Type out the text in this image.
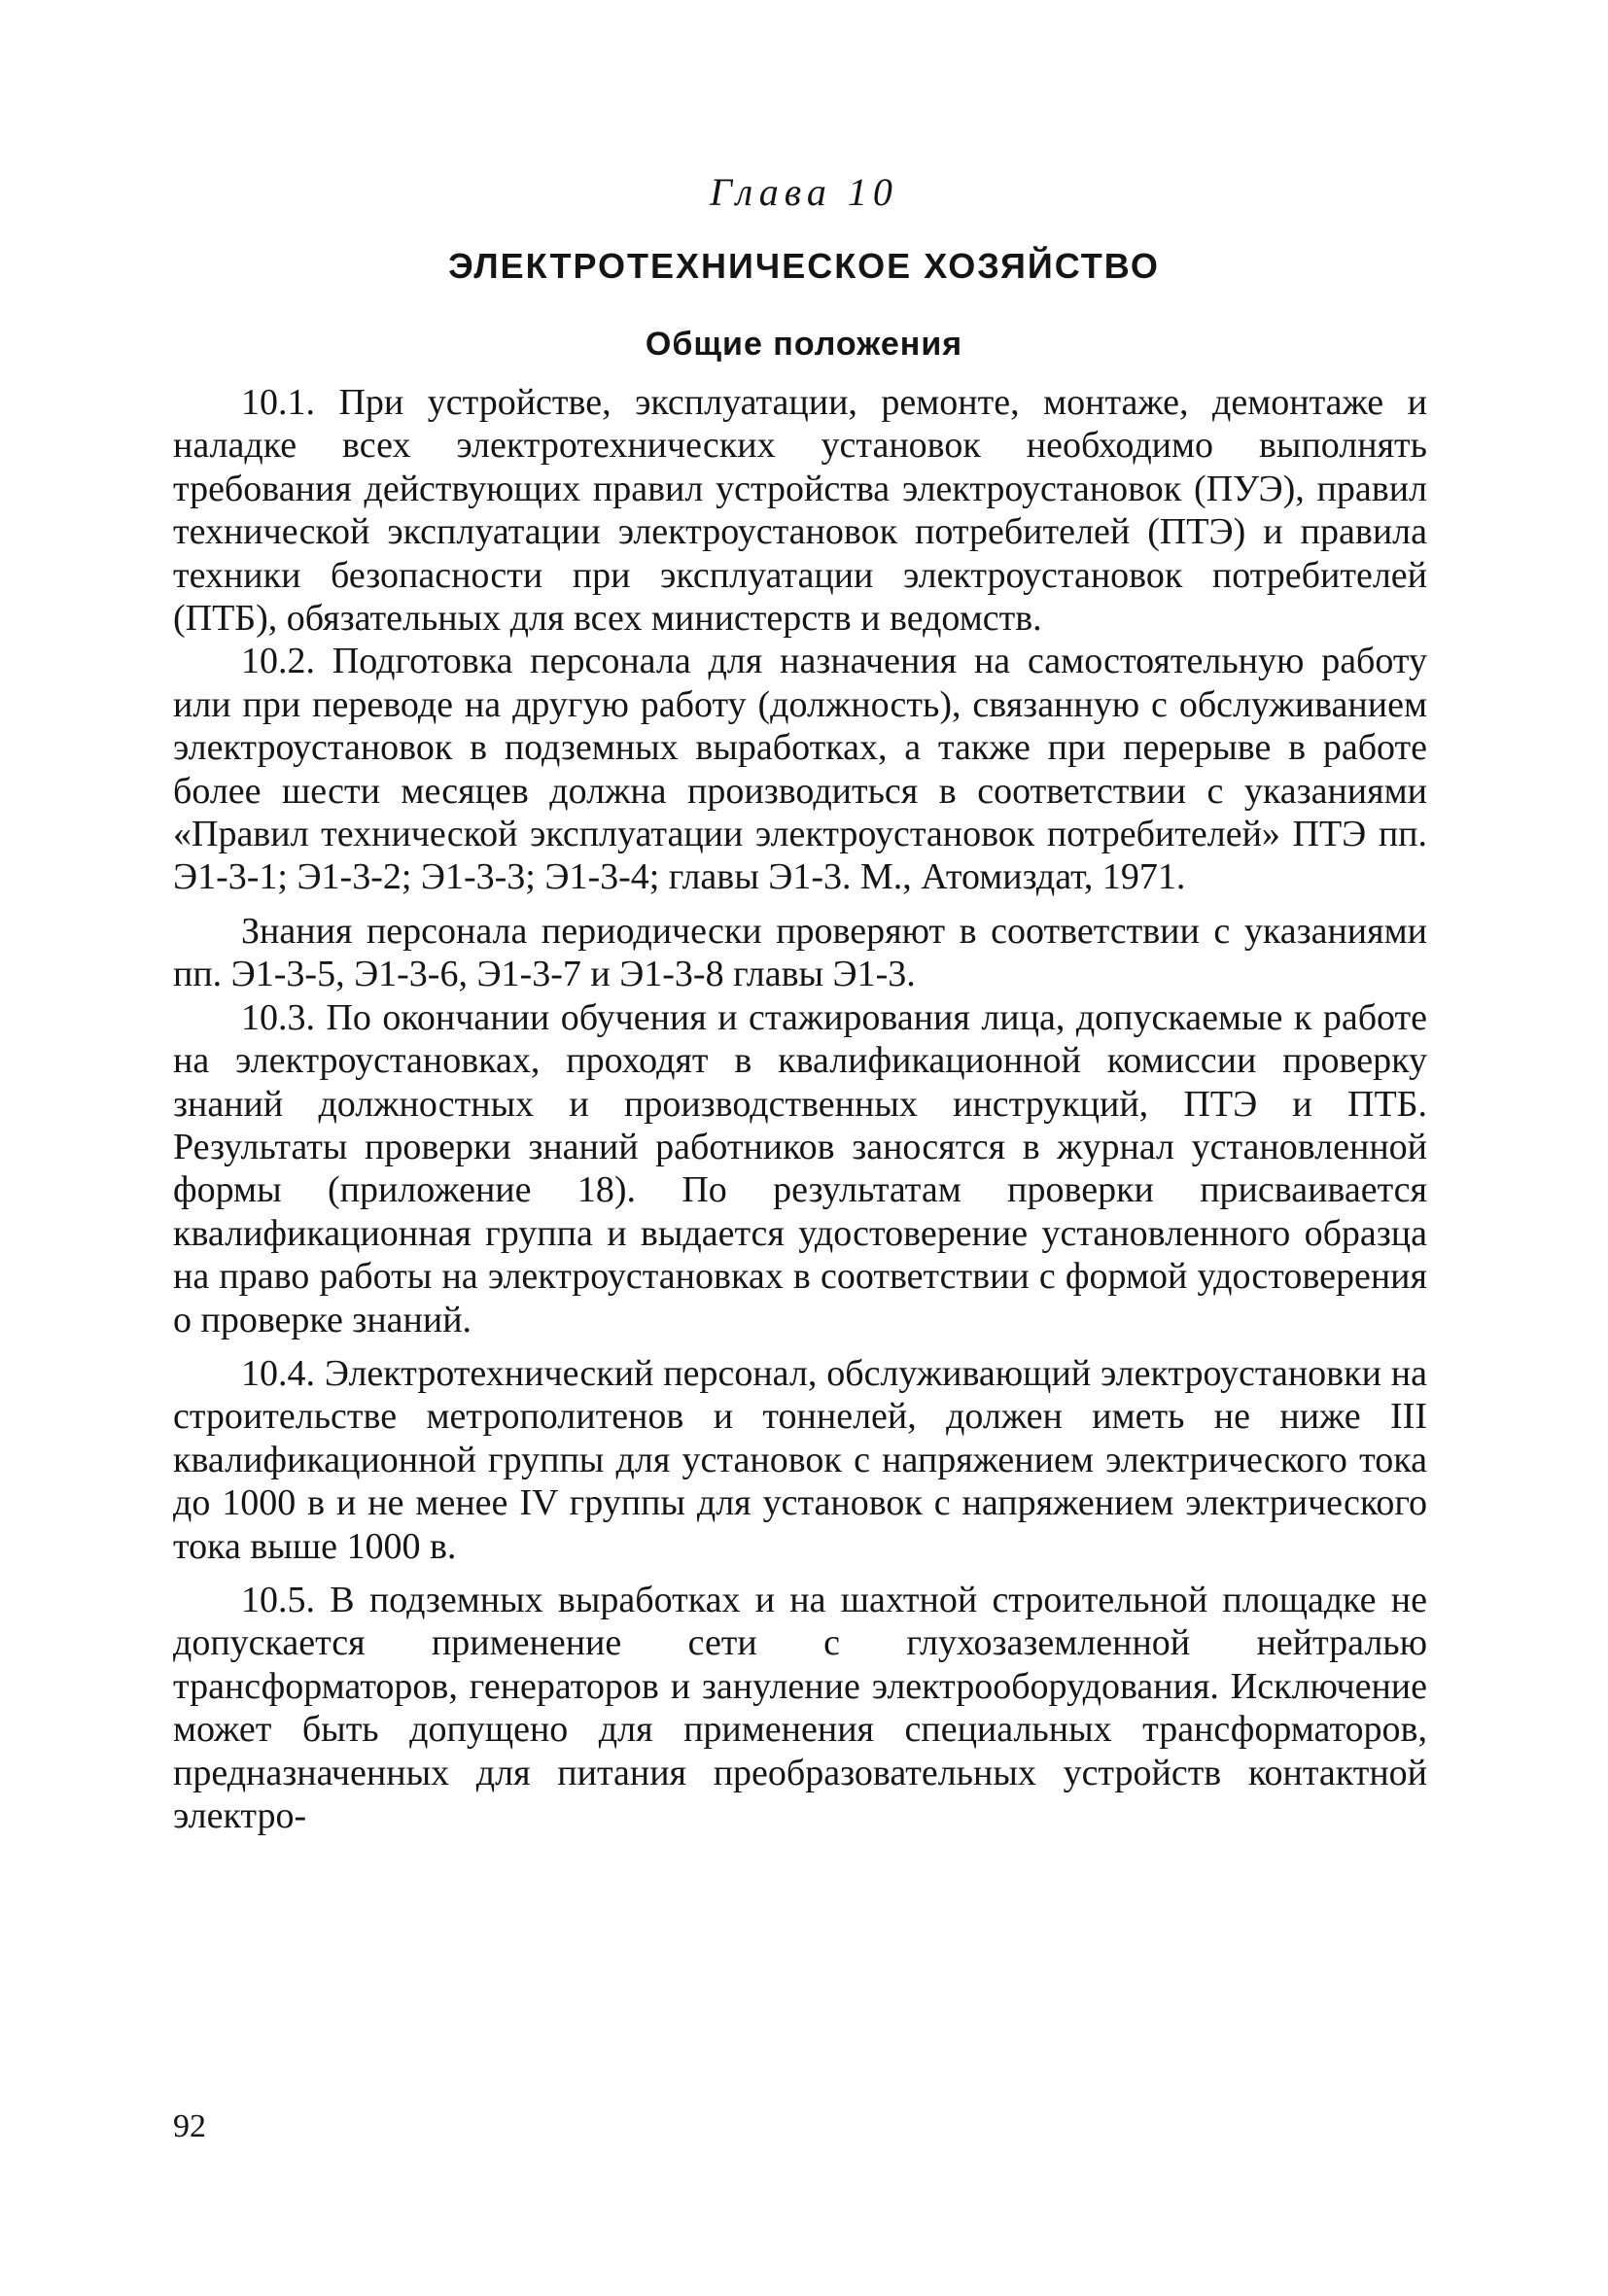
Глава 10
ЭЛЕКТРОТЕХНИЧЕСКОЕ ХОЗЯЙСТВО
Общие положения

10.1. При устройстве, эксплуатации, ремонте, монтаже, демонтаже и наладке всех электротехнических установок необходимо выполнять требования действующих правил устройства электроустановок (ПУЭ), правил технической эксплуатации электроустановок потребителей (ПТЭ) и правила техники безопасности при эксплуатации электроустановок потребителей (ПТБ), обязательных для всех министерств и ведомств.

10.2. Подготовка персонала для назначения на самостоятельную работу или при переводе на другую работу (должность), связанную с обслуживанием электроустановок в подземных выработках, а также при перерыве в работе более шести месяцев должна производиться в соответствии с указаниями «Правил технической эксплуатации электроустановок потребителей» ПТЭ пп. Э1-3-1; Э1-3-2; Э1-3-3; Э1-3-4; главы Э1-3. М., Атомиздат, 1971.

Знания персонала периодически проверяют в соответствии с указаниями пп. Э1-3-5, Э1-3-6, Э1-3-7 и Э1-3-8 главы Э1-3.

10.3. По окончании обучения и стажирования лица, допускаемые к работе на электроустановках, проходят в квалификационной комиссии проверку знаний должностных и производственных инструкций, ПТЭ и ПТБ. Результаты проверки знаний работников заносятся в журнал установленной формы (приложение 18). По результатам проверки присваивается квалификационная группа и выдается удостоверение установленного образца на право работы на электроустановках в соответствии с формой удостоверения о проверке знаний.

10.4. Электротехнический персонал, обслуживающий электроустановки на строительстве метрополитенов и тоннелей, должен иметь не ниже III квалификационной группы для установок с напряжением электрического тока до 1000 в и не менее IV группы для установок с напряжением электрического тока выше 1000 в.

10.5. В подземных выработках и на шахтной строительной площадке не допускается применение сети с глухозаземленной нейтралью трансформаторов, генераторов и зануление электрооборудования. Исключение может быть допущено для применения специальных трансформаторов, предназначенных для питания преобразовательных устройств контактной электро-

92
